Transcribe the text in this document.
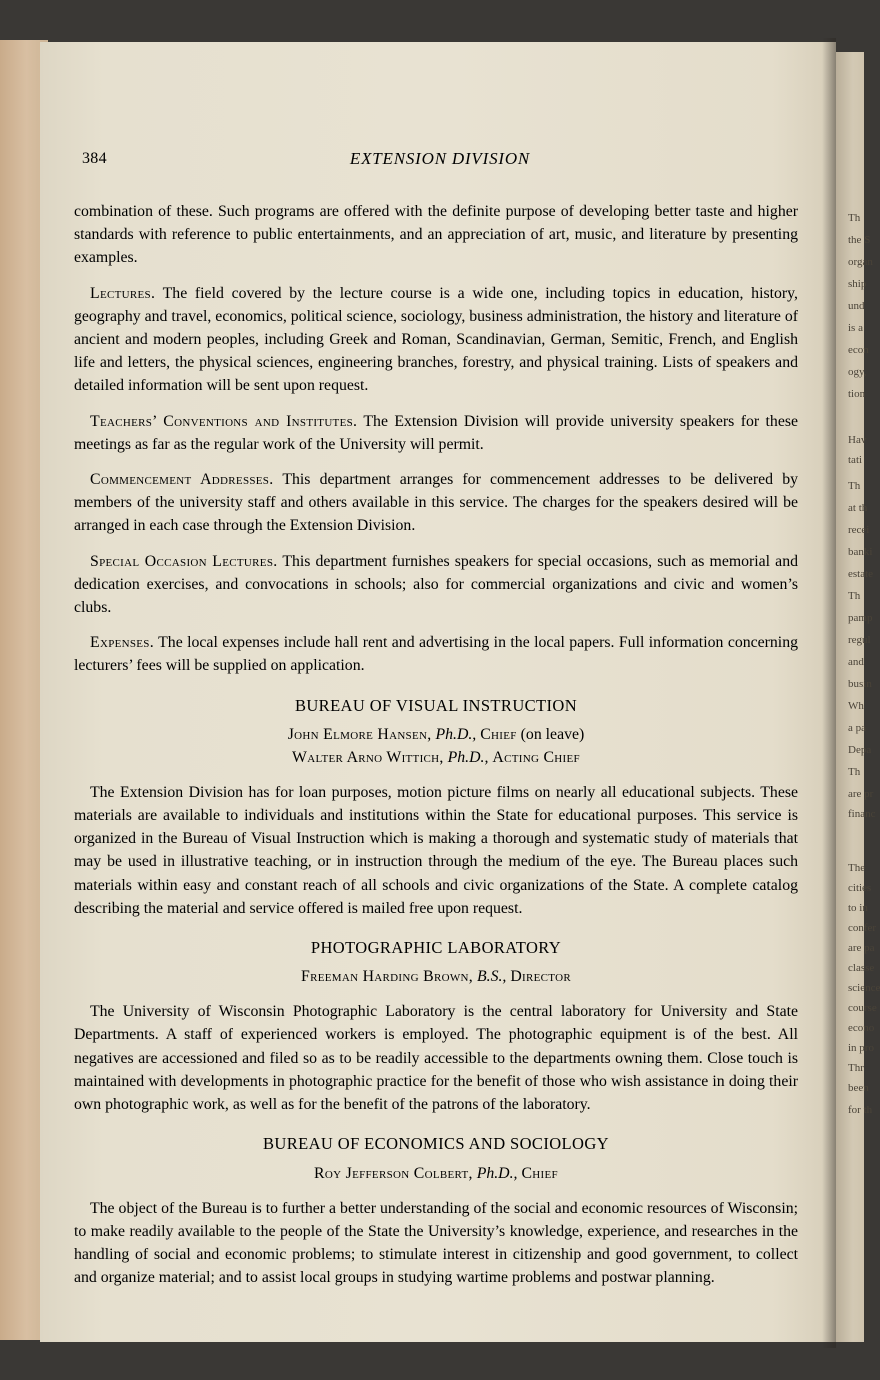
384	EXTENSION DIVISION

combination of these. Such programs are offered with the definite purpose of developing better taste and higher standards with reference to public entertainments, and an appreciation of art, music, and literature by presenting examples.

Lectures. The field covered by the lecture course is a wide one, including topics in education, history, geography and travel, economics, political science, sociology, business administration, the history and literature of ancient and modern peoples, including Greek and Roman, Scandinavian, German, Semitic, French, and English life and letters, the physical sciences, engineering branches, forestry, and physical training. Lists of speakers and detailed information will be sent upon request.

Teachers’ Conventions and Institutes. The Extension Division will provide university speakers for these meetings as far as the regular work of the University will permit.

Commencement Addresses. This department arranges for commencement addresses to be delivered by members of the university staff and others available in this service. The charges for the speakers desired will be arranged in each case through the Extension Division.

Special Occasion Lectures. This department furnishes speakers for special occasions, such as memorial and dedication exercises, and convocations in schools; also for commercial organizations and civic and women’s clubs.

Expenses. The local expenses include hall rent and advertising in the local papers. Full information concerning lecturers’ fees will be supplied on application.

BUREAU OF VISUAL INSTRUCTION
John Elmore Hansen, Ph.D., Chief (on leave)
Walter Arno Wittich, Ph.D., Acting Chief

The Extension Division has for loan purposes, motion picture films on nearly all educational subjects. These materials are available to individuals and institutions within the State for educational purposes. This service is organized in the Bureau of Visual Instruction which is making a thorough and systematic study of materials that may be used in illustrative teaching, or in instruction through the medium of the eye. The Bureau places such materials within easy and constant reach of all schools and civic organizations of the State. A complete catalog describing the material and service offered is mailed free upon request.

PHOTOGRAPHIC LABORATORY
Freeman Harding Brown, B.S., Director

The University of Wisconsin Photographic Laboratory is the central laboratory for University and State Departments. A staff of experienced workers is employed. The photographic equipment is of the best. All negatives are accessioned and filed so as to be readily accessible to the departments owning them. Close touch is maintained with developments in photographic practice for the benefit of those who wish assistance in doing their own photographic work, as well as for the benefit of the patrons of the laboratory.

BUREAU OF ECONOMICS AND SOCIOLOGY
Roy Jefferson Colbert, Ph.D., Chief

The object of the Bureau is to further a better understanding of the social and economic resources of Wisconsin; to make readily available to the people of the State the University’s knowledge, experience, and researches in the handling of social and economic problems; to stimulate interest in citizenship and good government, to collect and organize material; and to assist local groups in studying wartime problems and postwar planning.

Th
the S
organ
ship
und
is a
econ
ogy,
tion
Hav
tati
Th
at th
recei
banki
estate
Th
pamp
regul
and
busin
Wh
a pa
Depa
Th
are pr
financ
The
cities
to in
confer
are pa
classe
science
course
econo
in pro
Thr
been
for th
